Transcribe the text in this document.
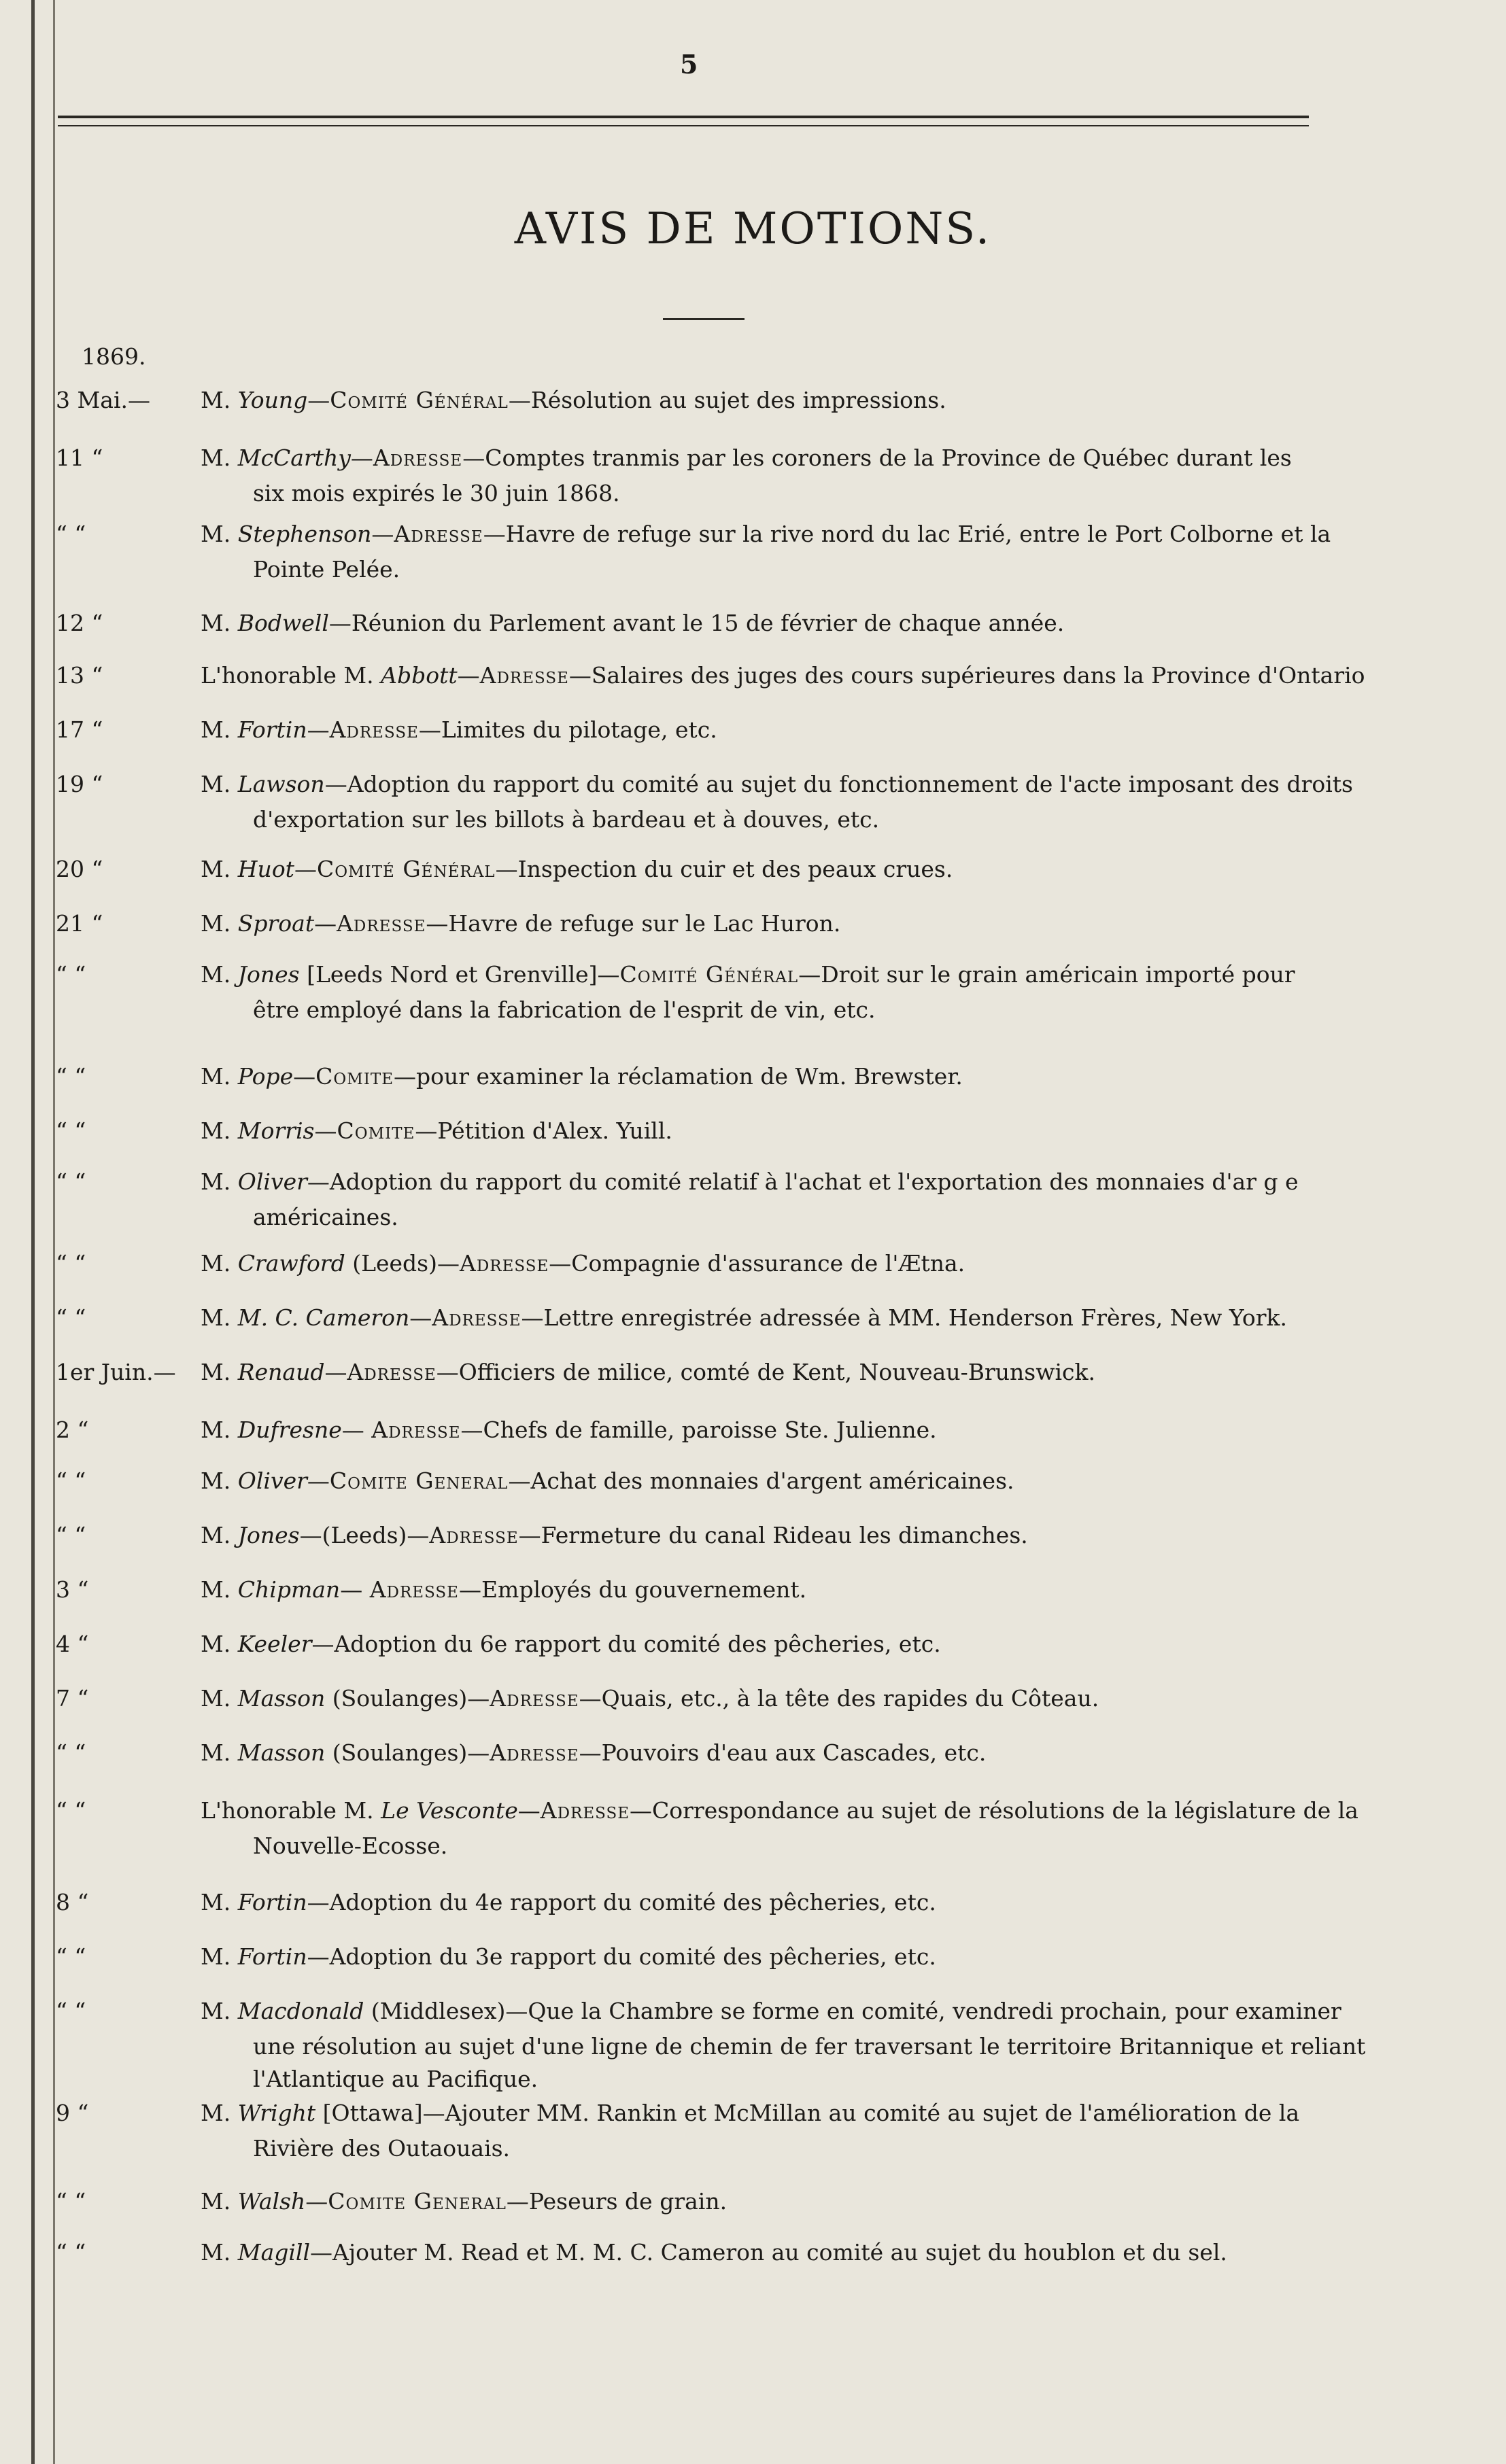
5
AVIS DE MOTIONS.
1869.
3 Mai.—	M. Young—Comité Général—Résolution au sujet des impressions.
11 “	M. McCarthy—Adresse—Comptes tranmis par les coroners de la Province de Québec durant les
six mois expirés le 30 juin 1868.
“ “	M. Stephenson—Adresse—Havre de refuge sur la rive nord du lac Erié, entre le Port Colborne et la
Pointe Pelée.
12 “	M. Bodwell—Réunion du Parlement avant le 15 de février de chaque année.
13 “	L'honorable M. Abbott—Adresse—Salaires des juges des cours supérieures dans la Province d'Ontario
17 “	M. Fortin—Adresse—Limites du pilotage, etc.
19 “	M. Lawson—Adoption du rapport du comité au sujet du fonctionnement de l'acte imposant des droits
d'exportation sur les billots à bardeau et à douves, etc.
20 “	M. Huot—Comité Général—Inspection du cuir et des peaux crues.
21 “	M. Sproat—Adresse—Havre de refuge sur le Lac Huron.
“ “	M. Jones [Leeds Nord et Grenville]—Comité Général—Droit sur le grain américain importé pour
être employé dans la fabrication de l'esprit de vin, etc.
“ “	M. Pope—Comite—pour examiner la réclamation de Wm. Brewster.
“ “	M. Morris—Comite—Pétition d'Alex. Yuill.
“ “	M. Oliver—Adoption du rapport du comité relatif à l'achat et l'exportation des monnaies d'ar g e
américaines.
“ “	M. Crawford (Leeds)—Adresse—Compagnie d'assurance de l'Ætna.
“ “	M. M. C. Cameron—Adresse—Lettre enregistrée adressée à MM. Henderson Frères, New York.
1er Juin.—	M. Renaud—Adresse—Officiers de milice, comté de Kent, Nouveau-Brunswick.
2 “	M. Dufresne— Adresse—Chefs de famille, paroisse Ste. Julienne.
“ “	M. Oliver—Comite General—Achat des monnaies d'argent américaines.
“ “	M. Jones—(Leeds)—Adresse—Fermeture du canal Rideau les dimanches.
3 “	M. Chipman— Adresse—Employés du gouvernement.
4 “	M. Keeler—Adoption du 6e rapport du comité des pêcheries, etc.
7 “	M. Masson (Soulanges)—Adresse—Quais, etc., à la tête des rapides du Côteau.
“ “	M. Masson (Soulanges)—Adresse—Pouvoirs d'eau aux Cascades, etc.
“ “	L'honorable M. Le Vesconte—Adresse—Correspondance au sujet de résolutions de la législature de la
Nouvelle-Ecosse.
8 “	M. Fortin—Adoption du 4e rapport du comité des pêcheries, etc.
“ “	M. Fortin—Adoption du 3e rapport du comité des pêcheries, etc.
“ “	M. Macdonald (Middlesex)—Que la Chambre se forme en comité, vendredi prochain, pour examiner
une résolution au sujet d'une ligne de chemin de fer traversant le territoire Britannique et reliant l'Atlantique au Pacifique.
9 “	M. Wright [Ottawa]—Ajouter MM. Rankin et McMillan au comité au sujet de l'amélioration de la
Rivière des Outaouais.
“ “	M. Walsh—Comite General—Peseurs de grain.
“ “	M. Magill—Ajouter M. Read et M. M. C. Cameron au comité au sujet du houblon et du sel.
